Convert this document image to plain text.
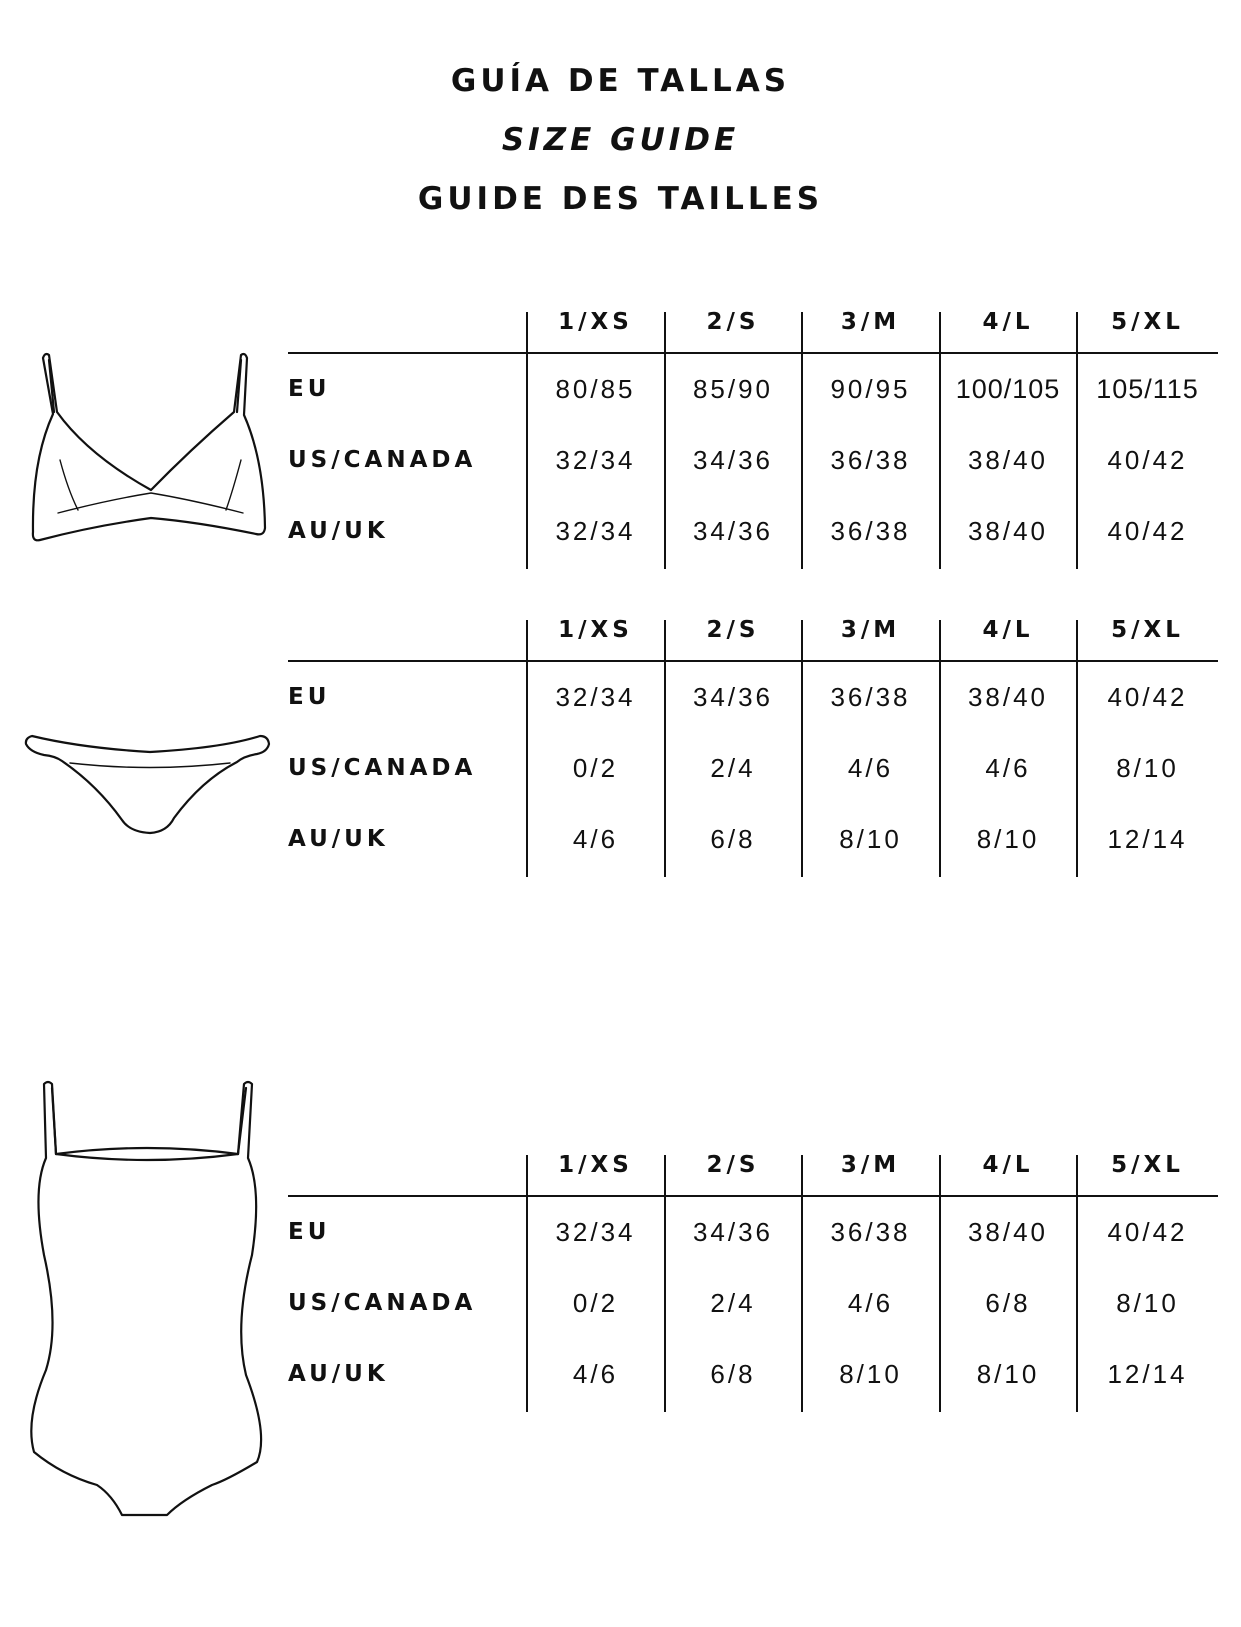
GUÍA DE TALLAS
SIZE GUIDE
GUIDE DES TAILLES
1/XS	2/S	3/M	4/L	5/XL
EU	80/85	85/90	90/95	100/105	105/115
US/CANADA	32/34	34/36	36/38	38/40	40/42
AU/UK	32/34	34/36	36/38	38/40	40/42
1/XS	2/S	3/M	4/L	5/XL
EU	32/34	34/36	36/38	38/40	40/42
US/CANADA	0/2	2/4	4/6	4/6	8/10
AU/UK	4/6	6/8	8/10	8/10	12/14
1/XS	2/S	3/M	4/L	5/XL
EU	32/34	34/36	36/38	38/40	40/42
US/CANADA	0/2	2/4	4/6	6/8	8/10
AU/UK	4/6	6/8	8/10	8/10	12/14
